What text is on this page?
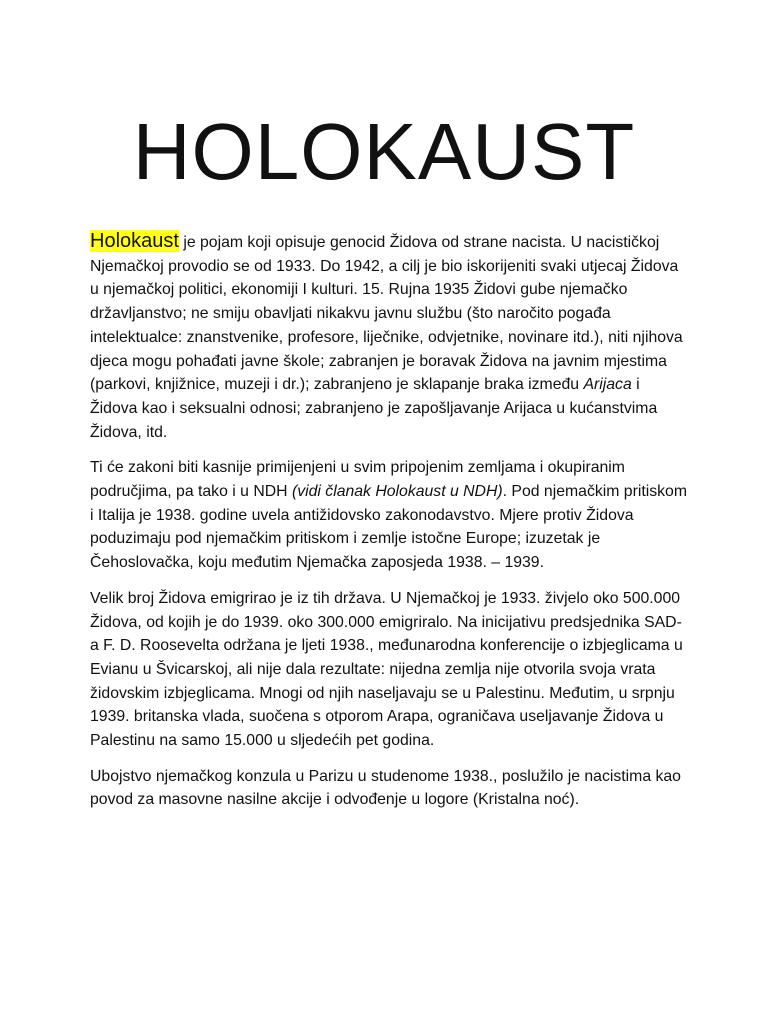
HOLOKAUST

Holokaust je pojam koji opisuje genocid Židova od strane nacista. U nacističkoj Njemačkoj provodio se od 1933. Do 1942, a cilj je bio iskorijeniti svaki utjecaj Židova u njemačkoj politici, ekonomiji I kulturi. 15. Rujna 1935 Židovi gube njemačko državljanstvo; ne smiju obavljati nikakvu javnu službu (što naročito pogađa intelektualce: znanstvenike, profesore, liječnike, odvjetnike, novinare itd.), niti njihova djeca mogu pohađati javne škole; zabranjen je boravak Židova na javnim mjestima (parkovi, knjižnice, muzeji i dr.); zabranjeno je sklapanje braka između Arijaca i Židova kao i seksualni odnosi; zabranjeno je zapošljavanje Arijaca u kućanstvima Židova, itd.

Ti će zakoni biti kasnije primijenjeni u svim pripojenim zemljama i okupiranim područjima, pa tako i u NDH (vidi članak Holokaust u NDH). Pod njemačkim pritiskom i Italija je 1938. godine uvela antižidovsko zakonodavstvo. Mjere protiv Židova poduzimaju pod njemačkim pritiskom i zemlje istočne Europe; izuzetak je Čehoslovačka, koju međutim Njemačka zaposjeda 1938. – 1939.

Velik broj Židova emigrirao je iz tih država. U Njemačkoj je 1933. živjelo oko 500.000 Židova, od kojih je do 1939. oko 300.000 emigriralo. Na inicijativu predsjednika SAD-a F. D. Roosevelta održana je ljeti 1938., međunarodna konferencije o izbjeglicama u Evianu u Švicarskoj, ali nije dala rezultate: nijedna zemlja nije otvorila svoja vrata židovskim izbjeglicama. Mnogi od njih naseljavaju se u Palestinu. Međutim, u srpnju 1939. britanska vlada, suočena s otporom Arapa, ograničava useljavanje Židova u Palestinu na samo 15.000 u sljedećih pet godina.

Ubojstvo njemačkog konzula u Parizu u studenome 1938., poslužilo je nacistima kao povod za masovne nasilne akcije i odvođenje u logore (Kristalna noć).
